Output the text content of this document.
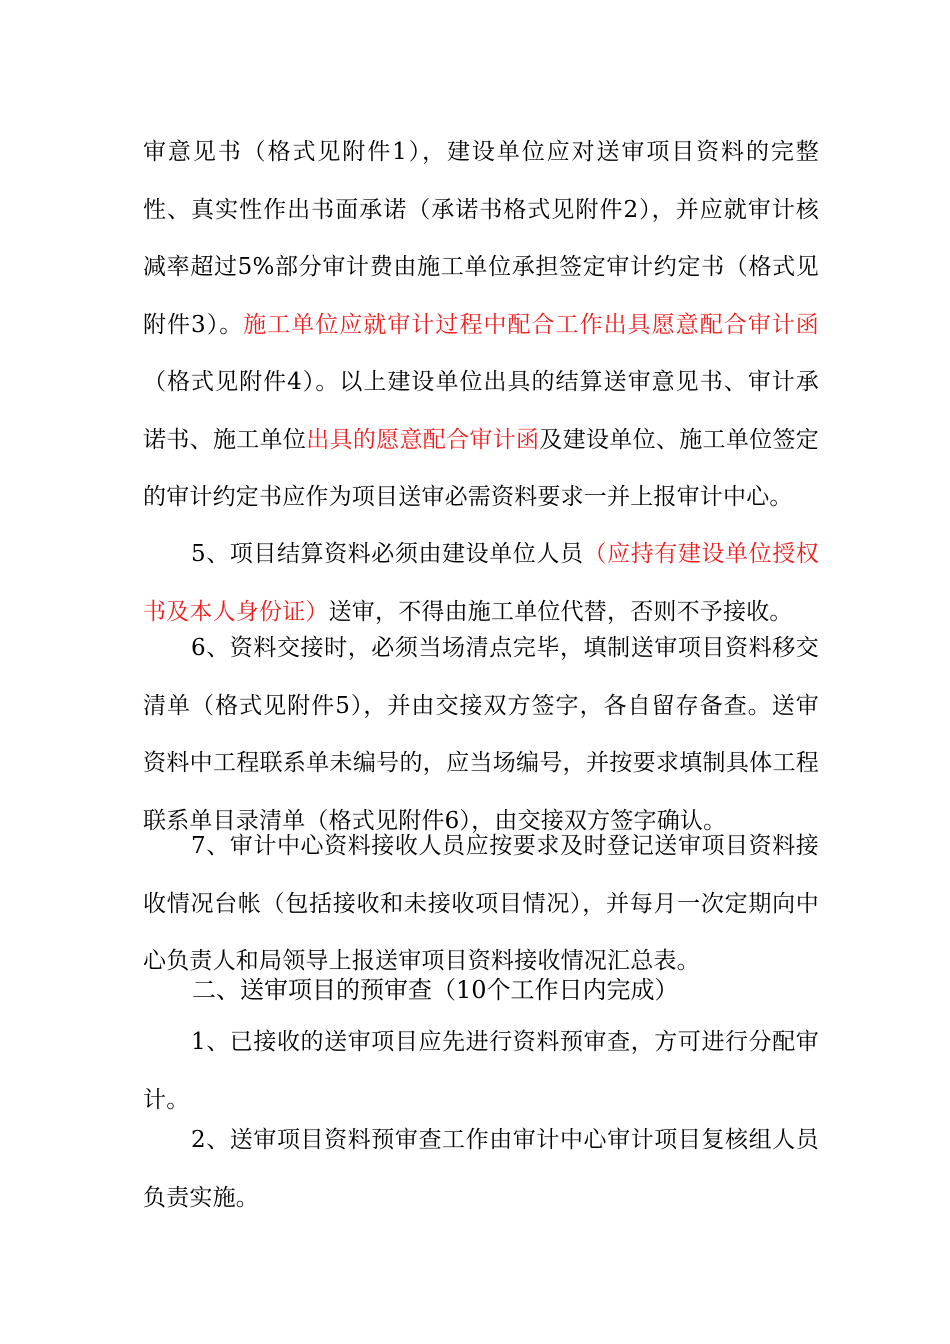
审意见书（格式见附件1），建设单位应对送审项目资料的完整性、真实性作出书面承诺（承诺书格式见附件2），并应就审计核减率超过5%部分审计费由施工单位承担签定审计约定书（格式见附件3）。施工单位应就审计过程中配合工作出具愿意配合审计函（格式见附件4）。以上建设单位出具的结算送审意见书、审计承诺书、施工单位出具的愿意配合审计函及建设单位、施工单位签定的审计约定书应作为项目送审必需资料要求一并上报审计中心。

5、项目结算资料必须由建设单位人员（应持有建设单位授权书及本人身份证）送审，不得由施工单位代替，否则不予接收。

6、资料交接时，必须当场清点完毕，填制送审项目资料移交清单（格式见附件5），并由交接双方签字，各自留存备查。送审资料中工程联系单未编号的，应当场编号，并按要求填制具体工程联系单目录清单（格式见附件6），由交接双方签字确认。

7、审计中心资料接收人员应按要求及时登记送审项目资料接收情况台帐（包括接收和未接收项目情况），并每月一次定期向中心负责人和局领导上报送审项目资料接收情况汇总表。

二、送审项目的预审查（10个工作日内完成）

1、已接收的送审项目应先进行资料预审查，方可进行分配审计。

2、送审项目资料预审查工作由审计中心审计项目复核组人员负责实施。
